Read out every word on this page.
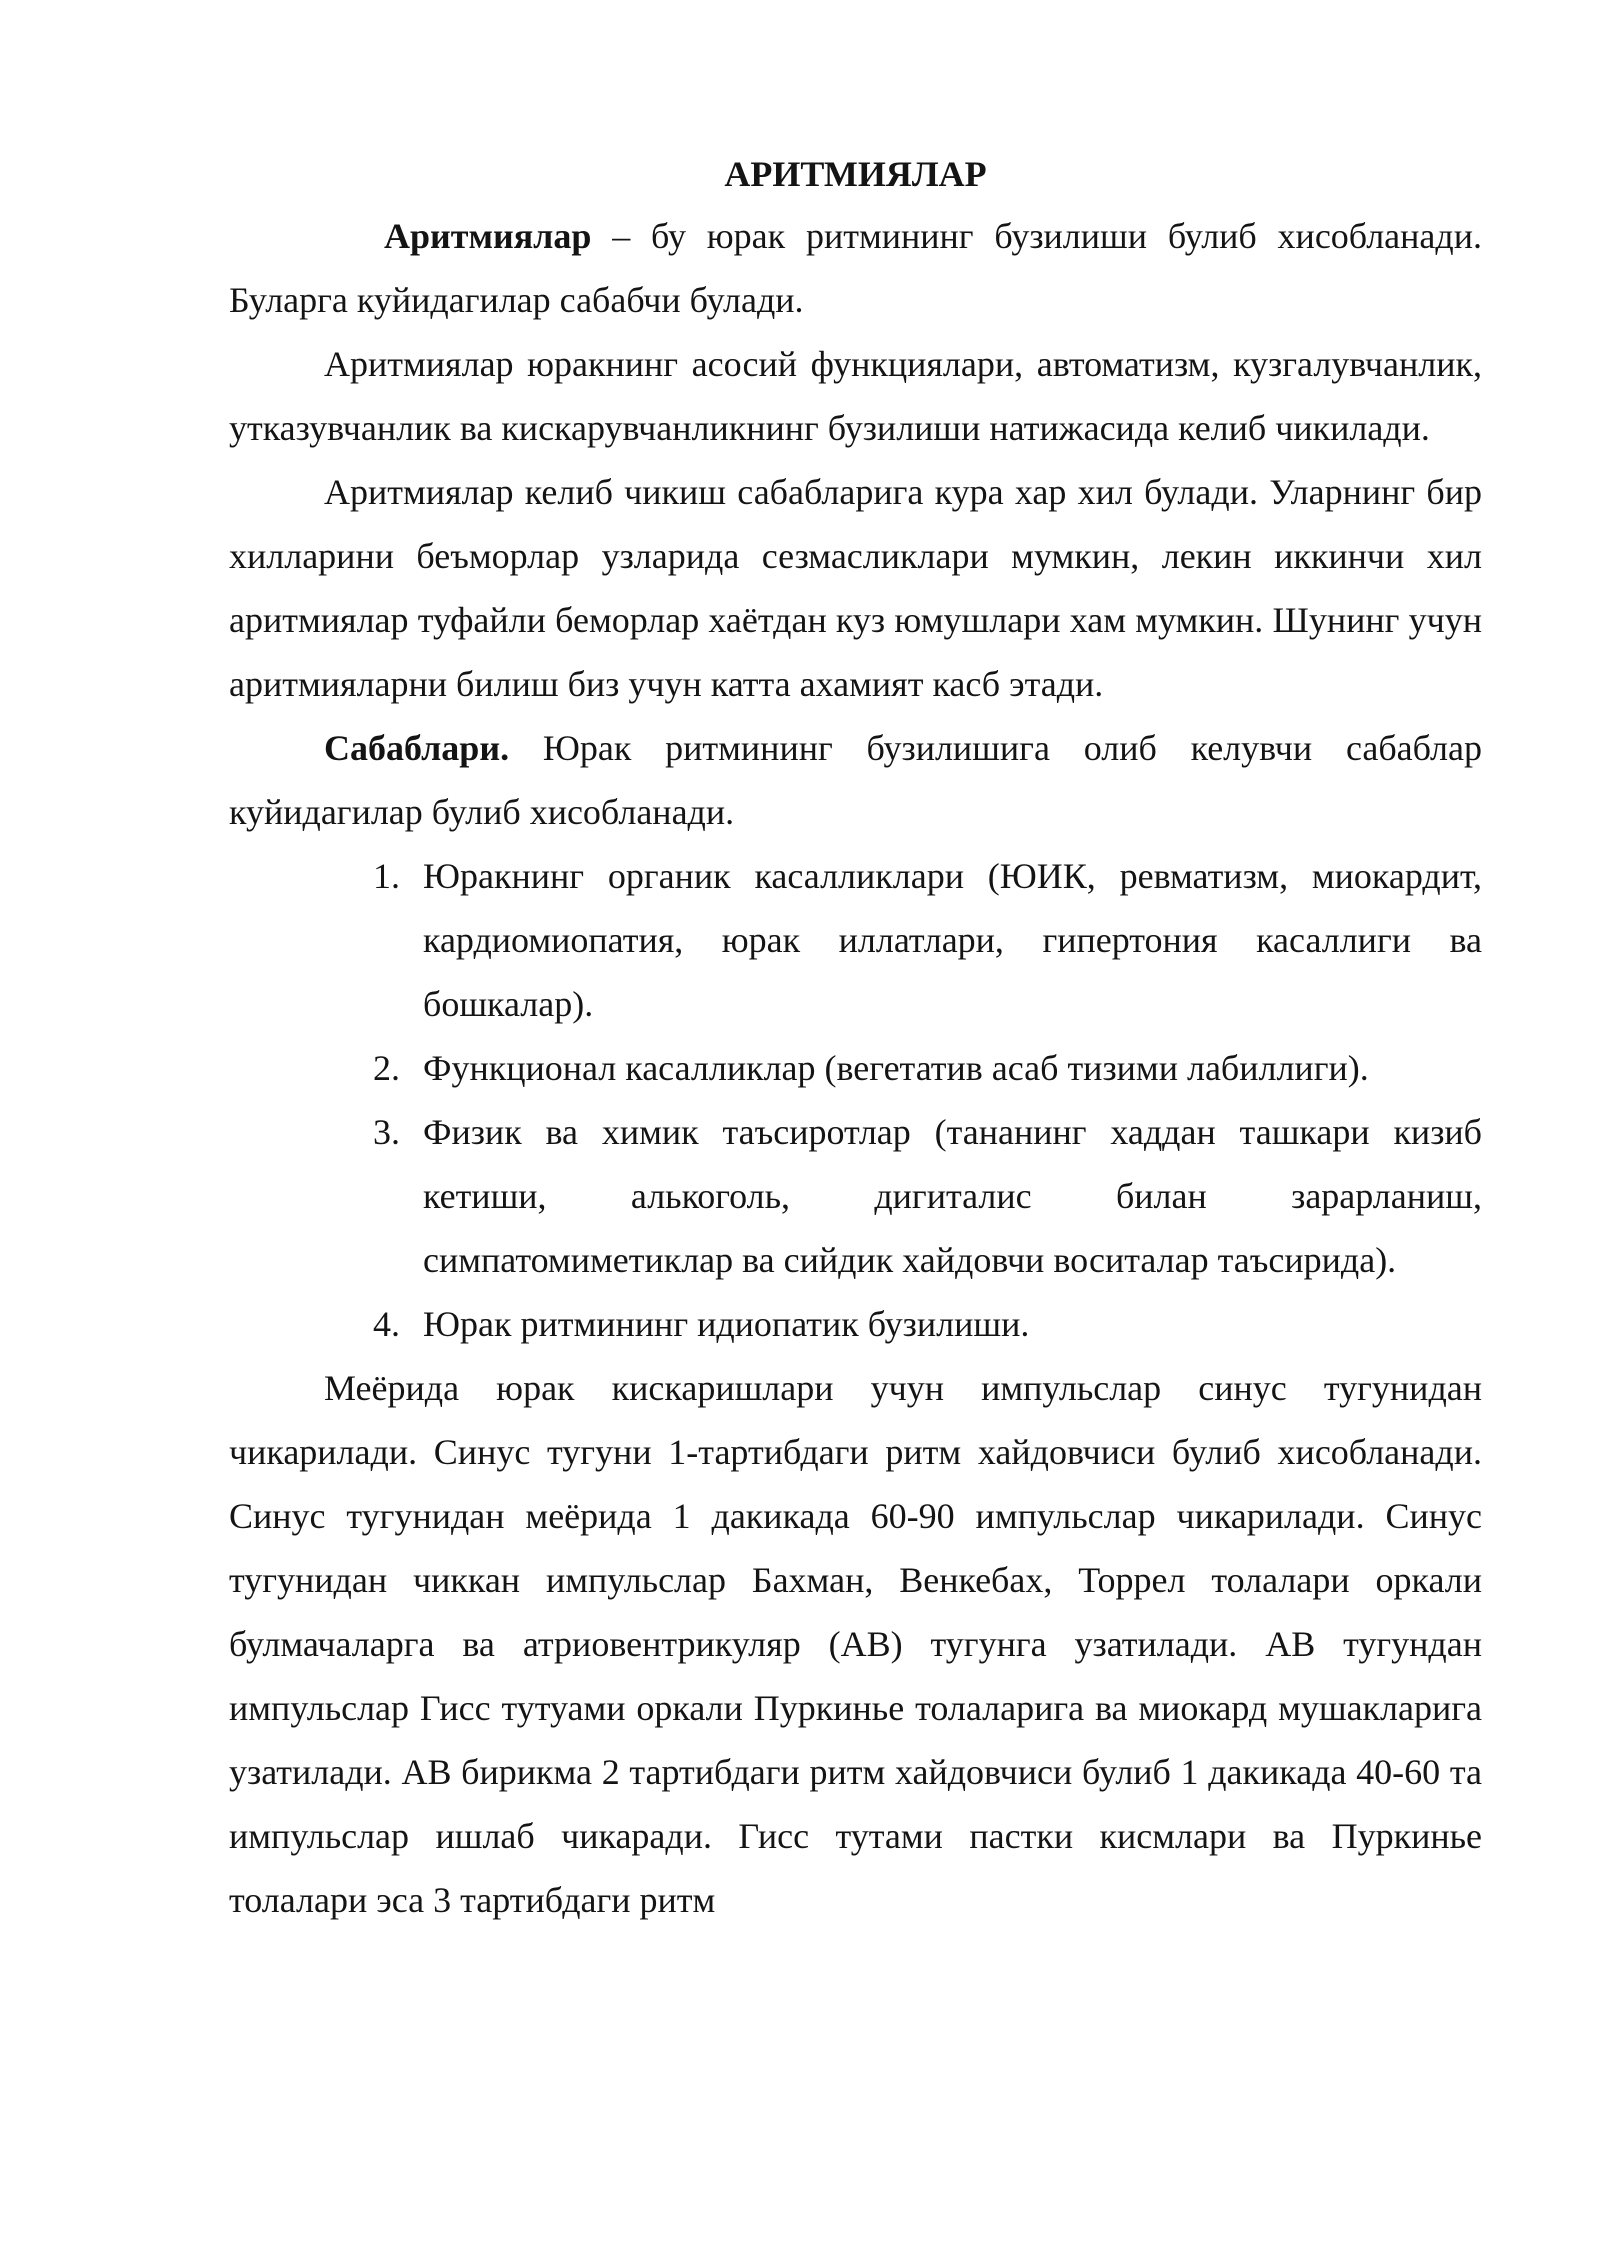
АРИТМИЯЛАР

Аритмиялар – бу юрак ритмининг бузилиши булиб хисобланади. Буларга куйидагилар сабабчи булади.

Аритмиялар юракнинг асосий функциялари, автоматизм, кузгалувчанлик, утказувчанлик ва кискарувчанликнинг бузилиши натижасида келиб чикилади.

Аритмиялар келиб чикиш сабабларига кура хар хил булади. Уларнинг бир хилларини беъморлар узларида сезмасликлари мумкин, лекин иккинчи хил аритмиялар туфайли беморлар хаётдан куз юмушлари хам мумкин. Шунинг учун аритмияларни билиш биз учун катта ахамият касб этади.

Сабаблари. Юрак ритмининг бузилишига олиб келувчи сабаблар куйидагилар булиб хисобланади.

1. Юракнинг органик касалликлари (ЮИК, ревматизм, миокардит, кардиомиопатия, юрак иллатлари, гипертония касаллиги ва бошкалар).
2. Функционал касалликлар (вегетатив асаб тизими лабиллиги).
3. Физик ва химик таъсиротлар (тананинг хаддан ташкари кизиб кетиши, алькоголь, дигиталис билан зарарланиш, симпатомиметиклар ва сийдик хайдовчи воситалар таъсирида).
4. Юрак ритмининг идиопатик бузилиши.

Меёрида юрак кискаришлари учун импульслар синус тугунидан чикарилади. Синус тугуни 1-тартибдаги ритм хайдовчиси булиб хисобланади. Синус тугунидан меёрида 1 дакикада 60-90 импульслар чикарилади. Синус тугунидан чиккан импульслар Бахман, Венкебах, Торрел толалари оркали булмачаларга ва атриовентрикуляр (АВ) тугунга узатилади. АВ тугундан импульслар Гисс тутуами оркали Пуркинье толаларига ва миокард мушакларига узатилади. АВ бирикма 2 тартибдаги ритм хайдовчиси булиб 1 дакикада 40-60 та импульслар ишлаб чикаради. Гисс тутами пастки кисмлари ва Пуркинье толалари эса 3 тартибдаги ритм
